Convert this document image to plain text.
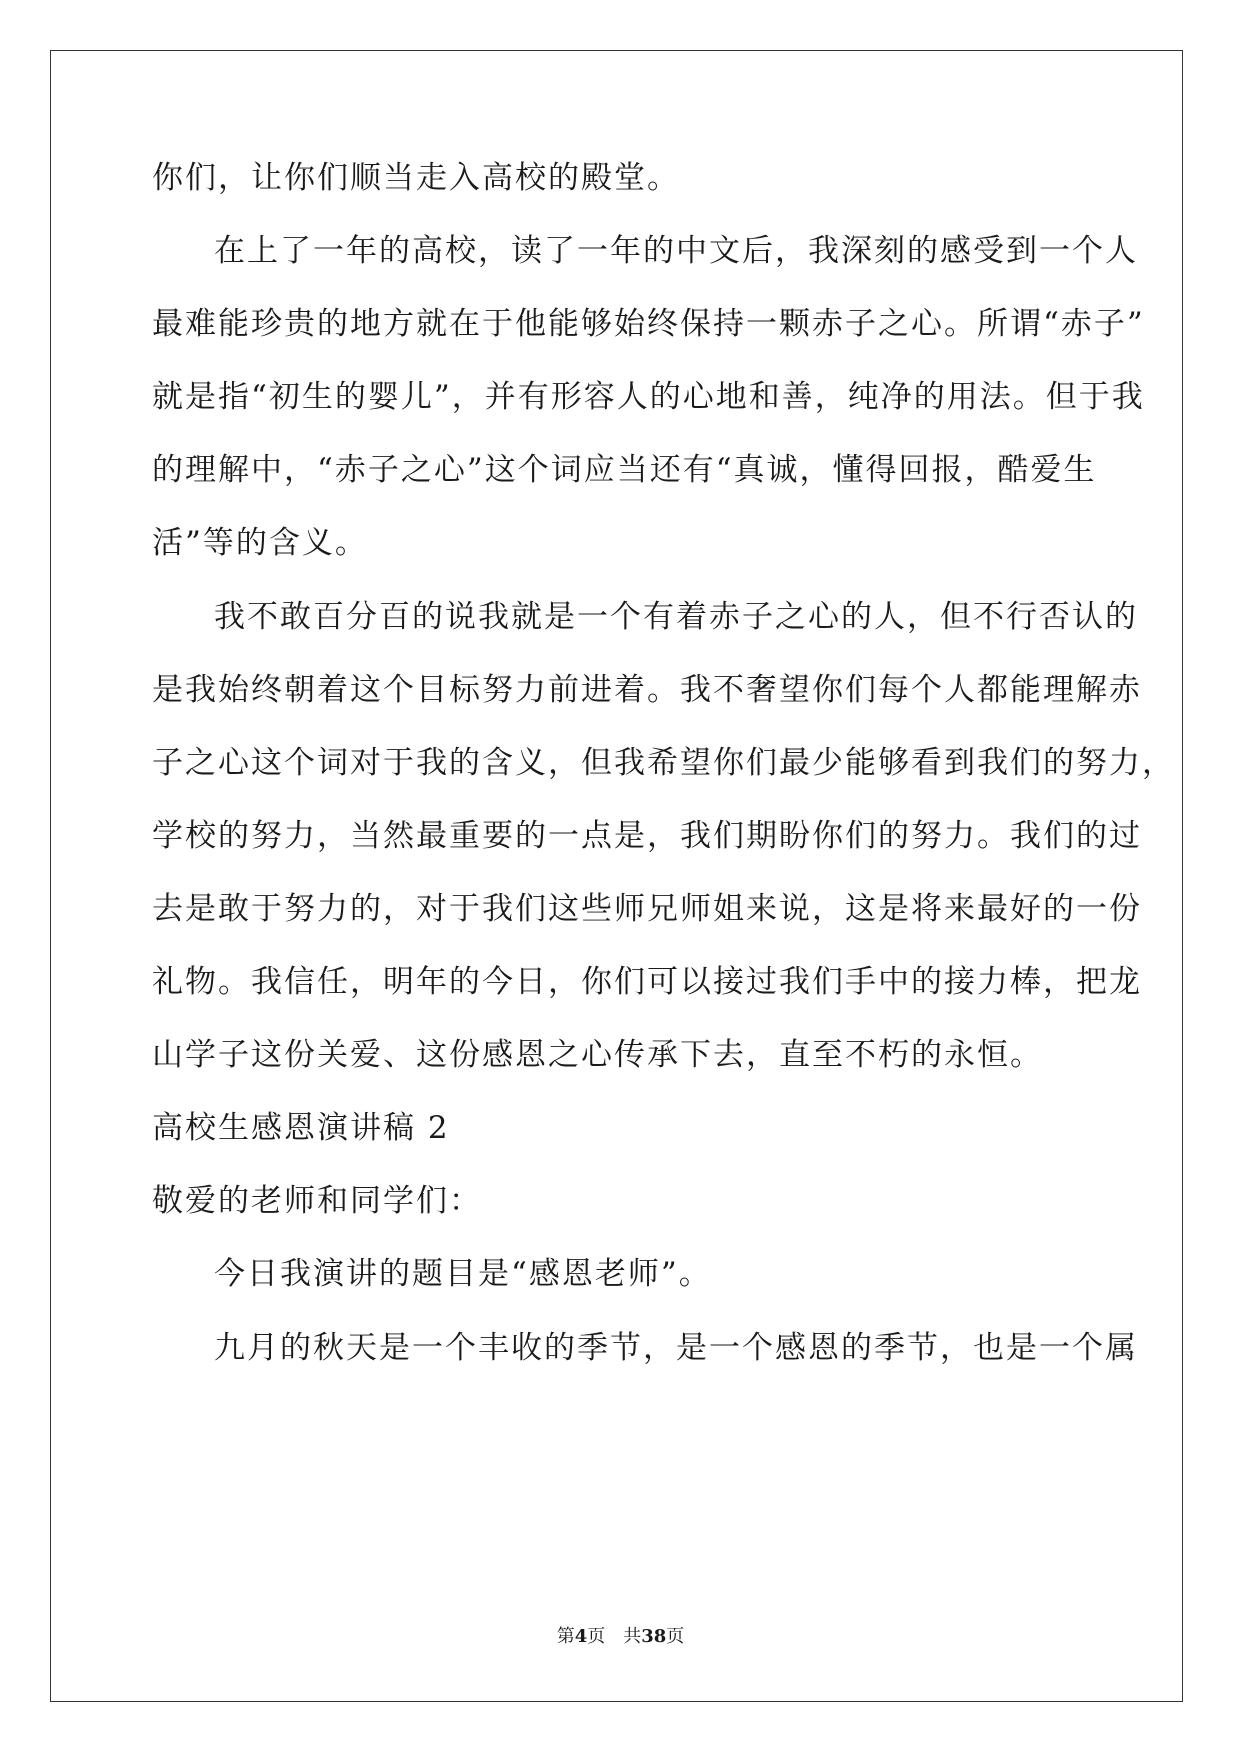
你们，让你们顺当走入高校的殿堂。
在上了一年的高校，读了一年的中文后，我深刻的感受到一个人
最难能珍贵的地方就在于他能够始终保持一颗赤子之心。所谓“赤子”
就是指“初生的婴儿”，并有形容人的心地和善，纯净的用法。但于我
的理解中，“赤子之心”这个词应当还有“真诚，懂得回报，酷爱生
活”等的含义。
我不敢百分百的说我就是一个有着赤子之心的人，但不行否认的
是我始终朝着这个目标努力前进着。我不奢望你们每个人都能理解赤
子之心这个词对于我的含义，但我希望你们最少能够看到我们的努力，
学校的努力，当然最重要的一点是，我们期盼你们的努力。我们的过
去是敢于努力的，对于我们这些师兄师姐来说，这是将来最好的一份
礼物。我信任，明年的今日，你们可以接过我们手中的接力棒，把龙
山学子这份关爱、这份感恩之心传承下去，直至不朽的永恒。
高校生感恩演讲稿 2
敬爱的老师和同学们：
今日我演讲的题目是“感恩老师”。
九月的秋天是一个丰收的季节，是一个感恩的季节，也是一个属
第4页　共38页
